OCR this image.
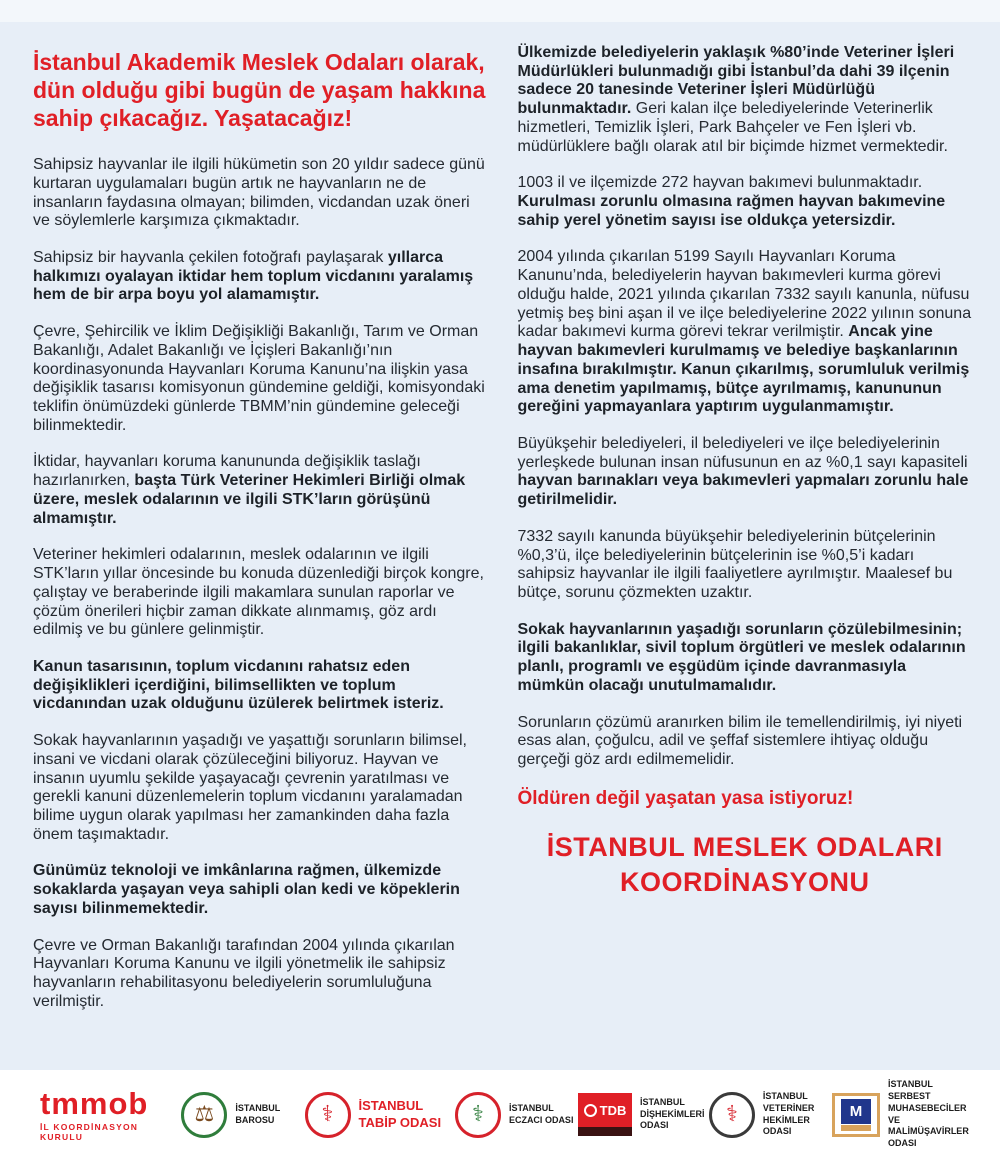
İstanbul Akademik Meslek Odaları olarak, dün olduğu gibi bugün de yaşam hakkına sahip çıkacağız. Yaşatacağız!

Sahipsiz hayvanlar ile ilgili hükümetin son 20 yıldır sadece günü kurtaran uygulamaları bugün artık ne hayvanların ne de insanların faydasına olmayan; bilimden, vicdandan uzak öneri ve söylemlerle karşımıza çıkmaktadır.

Sahipsiz bir hayvanla çekilen fotoğrafı paylaşarak yıllarca halkımızı oyalayan iktidar hem toplum vicdanını yaralamış hem de bir arpa boyu yol alamamıştır.

Çevre, Şehircilik ve İklim Değişikliği Bakanlığı, Tarım ve Orman Bakanlığı, Adalet Bakanlığı ve İçişleri Bakanlığı’nın koordinasyonunda Hayvanları Koruma Kanunu’na ilişkin yasa değişiklik tasarısı komisyonun gündemine geldiği, komisyondaki teklifin önümüzdeki günlerde TBMM’nin gündemine geleceği bilinmektedir.

İktidar, hayvanları koruma kanununda değişiklik taslağı hazırlanırken, başta Türk Veteriner Hekimleri Birliği olmak üzere, meslek odalarının ve ilgili STK’ların görüşünü almamıştır.

Veteriner hekimleri odalarının, meslek odalarının ve ilgili STK’ların yıllar öncesinde bu konuda düzenlediği birçok kongre, çalıştay ve beraberinde ilgili makamlara sunulan raporlar ve çözüm önerileri hiçbir zaman dikkate alınmamış, göz ardı edilmiş ve bu günlere gelinmiştir.

Kanun tasarısının, toplum vicdanını rahatsız eden değişiklikleri içerdiğini, bilimsellikten ve toplum vicdanından uzak olduğunu üzülerek belirtmek isteriz.

Sokak hayvanlarının yaşadığı ve yaşattığı sorunların bilimsel, insani ve vicdani olarak çözüleceğini biliyoruz. Hayvan ve insanın uyumlu şekilde yaşayacağı çevrenin yaratılması ve gerekli kanuni düzenlemelerin toplum vicdanını yaralamadan bilime uygun olarak yapılması her zamankinden daha fazla önem taşımaktadır.

Günümüz teknoloji ve imkânlarına rağmen, ülkemizde sokaklarda yaşayan veya sahipli olan kedi ve köpeklerin sayısı bilinmemektedir.

Çevre ve Orman Bakanlığı tarafından 2004 yılında çıkarılan Hayvanları Koruma Kanunu ve ilgili yönetmelik ile sahipsiz hayvanların rehabilitasyonu belediyelerin sorumluluğuna verilmiştir.

Ülkemizde belediyelerin yaklaşık %80’inde Veteriner İşleri Müdürlükleri bulunmadığı gibi İstanbul’da dahi 39 ilçenin sadece 20 tanesinde Veteriner İşleri Müdürlüğü bulunmaktadır. Geri kalan ilçe belediyelerinde Veterinerlik hizmetleri, Temizlik İşleri, Park Bahçeler ve Fen İşleri vb. müdürlüklere bağlı olarak atıl bir biçimde hizmet vermektedir.

1003 il ve ilçemizde 272 hayvan bakımevi bulunmaktadır. Kurulması zorunlu olmasına rağmen hayvan bakımevine sahip yerel yönetim sayısı ise oldukça yetersizdir.

2004 yılında çıkarılan 5199 Sayılı Hayvanları Koruma Kanunu’nda, belediyelerin hayvan bakımevleri kurma görevi olduğu halde, 2021 yılında çıkarılan 7332 sayılı kanunla, nüfusu yetmiş beş bini aşan il ve ilçe belediyelerine 2022 yılının sonuna kadar bakımevi kurma görevi tekrar verilmiştir. Ancak yine hayvan bakımevleri kurulmamış ve belediye başkanlarının insafına bırakılmıştır. Kanun çıkarılmış, sorumluluk verilmiş ama denetim yapılmamış, bütçe ayrılmamış, kanununun gereğini yapmayanlara yaptırım uygulanmamıştır.

Büyükşehir belediyeleri, il belediyeleri ve ilçe belediyelerinin yerleşkede bulunan insan nüfusunun en az %0,1 sayı kapasiteli hayvan barınakları veya bakımevleri yapmaları zorunlu hale getirilmelidir.

7332 sayılı kanunda büyükşehir belediyelerinin bütçelerinin %0,3’ü, ilçe belediyelerinin bütçelerinin ise %0,5’i kadarı sahipsiz hayvanlar ile ilgili faaliyetlere ayrılmıştır. Maalesef bu bütçe, sorunu çözmekten uzaktır.

Sokak hayvanlarının yaşadığı sorunların çözülebilmesinin; ilgili bakanlıklar, sivil toplum örgütleri ve meslek odalarının planlı, programlı ve eşgüdüm içinde davranmasıyla mümkün olacağı unutulmamalıdır.

Sorunların çözümü aranırken bilim ile temellendirilmiş, iyi niyeti esas alan, çoğulcu, adil ve şeffaf sistemlere ihtiyaç olduğu gerçeği göz ardı edilmemelidir.

Öldüren değil yaşatan yasa istiyoruz!

İSTANBUL MESLEK ODALARI KOORDİNASYONU
tmmob
İL KOORDİNASYON KURULU
⚖	İSTANBUL BAROSU	⚕	İSTANBUL TABİP ODASI	⚕	İSTANBUL ECZACI ODASI
TDB
İSTANBUL DİŞHEKİMLERİ ODASI	⚕
İSTANBUL VETERİNER HEKİMLER ODASI
M
İSTANBUL SERBEST MUHASEBECİLER VE MALİMÜŞAVİRLER ODASI
